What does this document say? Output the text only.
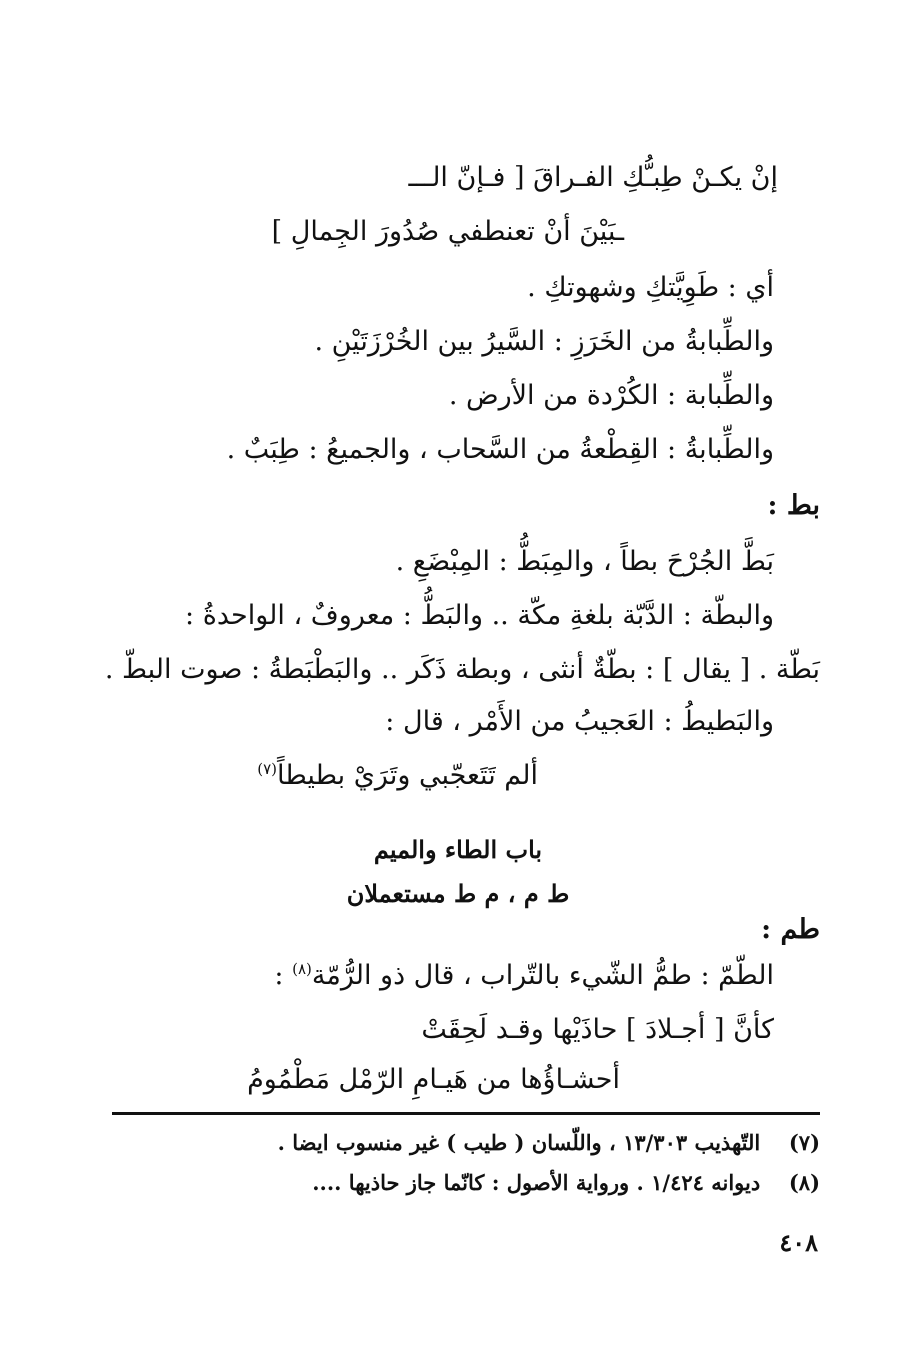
إنْ يكـنْ طِبـُّكِ الفـراقَ [ فـإنّ الـــ
ـبَيْنَ أنْ تعنطفي صُدُورَ الجِمالِ ]
أي : طَوِيَّتكِ وشهوتكِ .
والطِّبابةُ من الخَرَزِ : السَّيرُ بين الخُرْزَتَيْنِ .
والطِّبابة : الكُرْدة من الأرض .
والطِّبابةُ : القِطْعةُ من السَّحاب ، والجميعُ : طِبَبٌ .
بط :
بَطَّ الجُرْحَ بطاً ، والمِبَطُّ : المِبْضَعِ .
والبطّة : الدَّبّة بلغةِ مكّة .. والبَطُّ : معروفٌ ، الواحدةُ :
بَطّة . [ يقال ] : بطّةٌ أنثى ، وبطة ذَكَر .. والبَطْبَطةُ : صوت البطّ .
والبَطيطُ : العَجيبُ من الأَمْر ، قال :
ألم تَتَعجّبي وتَرَيْ بطيطاً$^{(٧)}$
باب الطاء والميم
ط م ، م ط مستعملان
طم :
الطّمّ : طمُّ الشّيء بالتّراب ، قال ذو الرُّمّة$^{(٨)}$ :
كأنَّ [ أجـلادَ ] حاذَيْها وقـد لَحِقَتْ
أحشـاؤُها من هَيـامِ الرّمْل مَطْمُومُ
(٧)  التّهذيب ١٣/٣٠٣ ، واللّسان ( طيب ) غير منسوب ايضا .
(٨)  ديوانه ١/٤٢٤ . ورواية الأصول : كانّما جاز حاذيها ....
٤٠٨
